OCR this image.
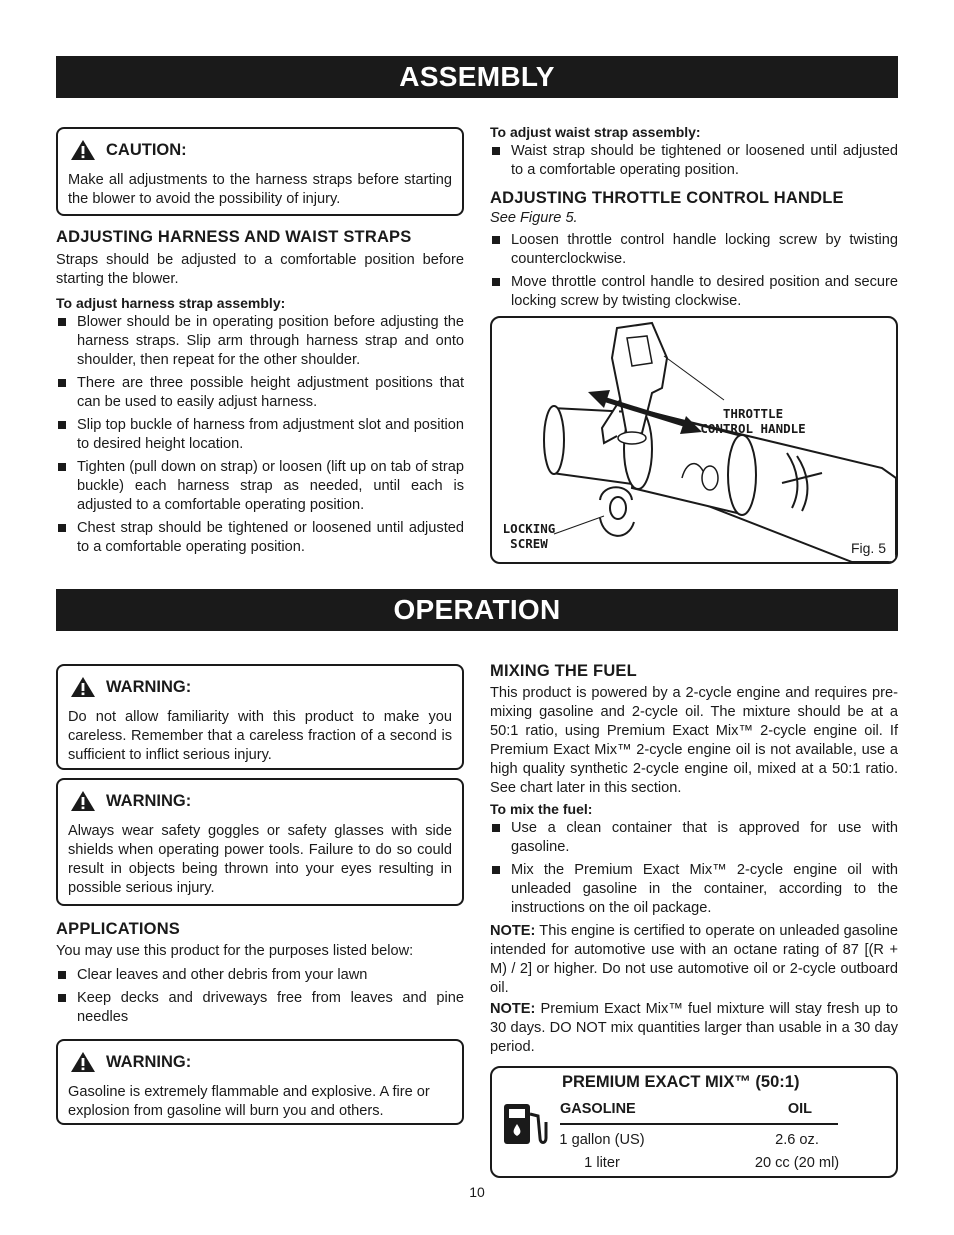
ASSEMBLY
CAUTION:
Make all adjustments to the harness straps before starting the blower to avoid the possibility of injury.
ADJUSTING HARNESS AND WAIST STRAPS

Straps should be adjusted to a comfortable position before starting the blower.

To adjust harness strap assembly:
Blower should be in operating position before adjusting the harness straps. Slip arm through harness strap and onto shoulder, then repeat for the other shoulder.
There are three possible height adjustment positions that can be used to easily adjust harness.
Slip top buckle of harness from adjustment slot and position to desired height location.
Tighten (pull down on strap) or loosen (lift up on tab of strap buckle) each harness strap as needed, until each is adjusted to a comfortable operating position.
Chest strap should be tightened or loosened until adjusted to a comfortable operating position.
To adjust waist strap assembly:
Waist strap should be tightened or loosened until adjusted to a comfortable operating position.
ADJUSTING THROTTLE CONTROL HANDLE
See Figure 5.
Loosen throttle control handle locking screw by twisting counterclockwise.
Move throttle control handle to desired position and secure locking screw by twisting clockwise.
THROTTLE
CONTROL HANDLE
LOCKING
SCREW	Fig. 5
OPERATION
WARNING:
Do not allow familiarity with this product to make you careless. Remember that a careless fraction of a second is sufficient to inflict serious injury.
WARNING:
Always wear safety goggles or safety glasses with side shields when operating power tools. Failure to do so could result in objects being thrown into your eyes resulting in possible serious injury.
APPLICATIONS

You may use this product for the purposes listed below:

Clear leaves and other debris from your lawn
Keep decks and driveways free from leaves and pine needles
WARNING:
Gasoline is extremely flammable and explosive. A fire or explosion from gasoline will burn you and others.
MIXING THE FUEL

This product is powered by a 2-cycle engine and requires pre-mixing gasoline and 2-cycle oil. The mixture should be at a 50:1 ratio, using Premium Exact Mix™ 2-cycle engine oil. If Premium Exact Mix™ 2-cycle engine oil is not available, use a high quality synthetic 2-cycle engine oil, mixed at a 50:1 ratio. See chart later in this section.

To mix the fuel:
Use a clean container that is approved for use with gasoline.
Mix the Premium Exact Mix™ 2-cycle engine oil with unleaded gasoline in the container, according to the instructions on the oil package.

NOTE: This engine is certified to operate on unleaded gasoline intended for automotive use with an octane rating of 87 [(R + M) / 2] or higher. Do not use automotive oil or 2-cycle outboard oil.

NOTE: Premium Exact Mix™ fuel mixture will stay fresh up to 30 days. DO NOT mix quantities larger than usable in a 30 day period.

PREMIUM EXACT MIX™ (50:1)
GASOLINE	OIL
1 gallon (US)	2.6 oz.
1 liter	20 cc (20 ml)
10
